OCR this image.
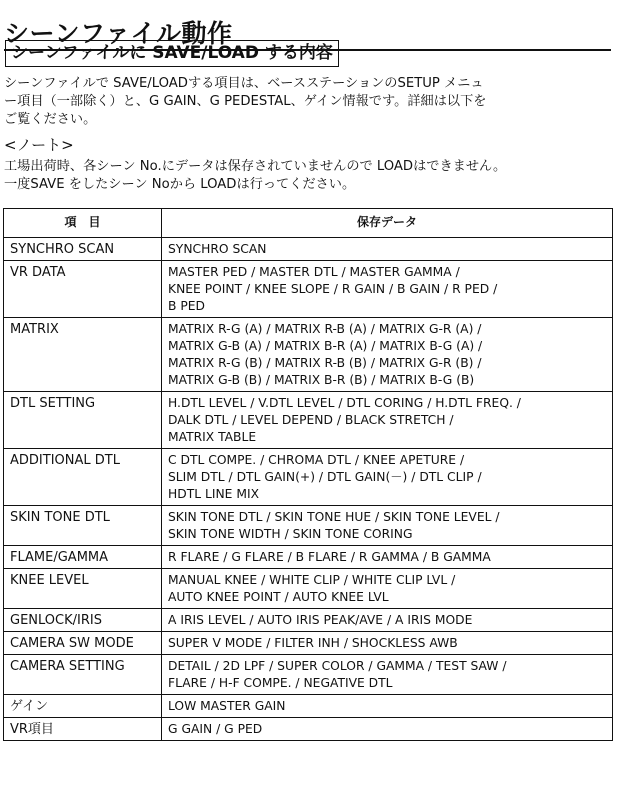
シーンファイル動作
シーンファイルに SAVE/LOAD する内容

シーンファイルで SAVE/LOADする項目は、ベースステーションのSETUP メニュ
ー項目（一部除く）と、G GAIN、G PEDESTAL、ゲイン情報です。詳細は以下を
ご覧ください。

<ノート>

工場出荷時、各シーン No.にデータは保存されていませんので LOADはできません。

一度SAVE をしたシーン Noから LOADは行ってください。

項　目	保存データ
SYNCHRO SCAN	SYNCHRO SCAN

VR DATA	MASTER PED / MASTER DTL / MASTER GAMMA /
KNEE POINT / KNEE SLOPE / R GAIN / B GAIN / R PED /
B PED

MATRIX	MATRIX R-G (A) / MATRIX R-B (A) / MATRIX G-R (A) /
MATRIX G-B (A) / MATRIX B-R (A) / MATRIX B-G (A) /
MATRIX R-G (B) / MATRIX R-B (B) / MATRIX G-R (B) /
MATRIX G-B (B) / MATRIX B-R (B) / MATRIX B-G (B)

DTL SETTING	H.DTL LEVEL / V.DTL LEVEL / DTL CORING / H.DTL FREQ. /
DALK DTL / LEVEL DEPEND / BLACK STRETCH /
MATRIX TABLE

ADDITIONAL DTL	C DTL COMPE. / CHROMA DTL / KNEE APETURE /
SLIM DTL / DTL GAIN(+) / DTL GAIN(－) / DTL CLIP /
HDTL LINE MIX

SKIN TONE DTL	SKIN TONE DTL / SKIN TONE HUE / SKIN TONE LEVEL /
SKIN TONE WIDTH / SKIN TONE CORING

FLAME/GAMMA	R FLARE / G FLARE / B FLARE / R GAMMA / B GAMMA

KNEE LEVEL	MANUAL KNEE / WHITE CLIP / WHITE CLIP LVL /
AUTO KNEE POINT / AUTO KNEE LVL

GENLOCK/IRIS	A IRIS LEVEL / AUTO IRIS PEAK/AVE / A IRIS MODE

CAMERA SW MODE	SUPER V MODE / FILTER INH / SHOCKLESS AWB

CAMERA SETTING	DETAIL / 2D LPF / SUPER COLOR / GAMMA / TEST SAW /
FLARE / H-F COMPE. / NEGATIVE DTL

ゲイン	LOW MASTER GAIN

VR項目	G GAIN / G PED
